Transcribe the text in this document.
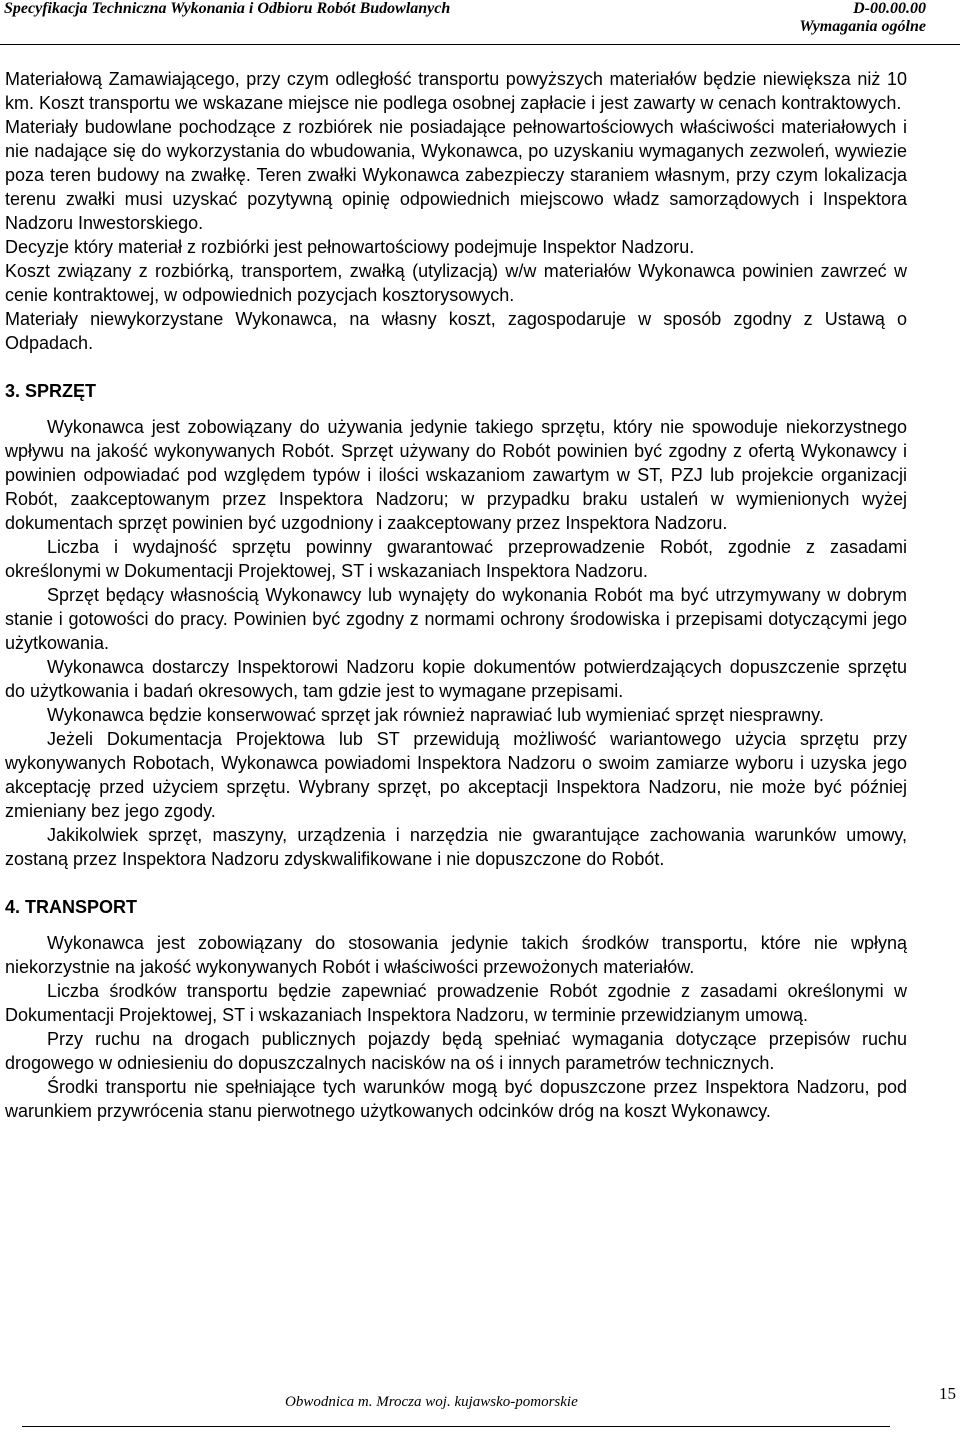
Specyfikacja Techniczna Wykonania i Odbioru Robót Budowlanych	D-00.00.00
Wymagania ogólne

Materiałową Zamawiającego, przy czym odległość transportu powyższych materiałów będzie niewiększa niż 10 km. Koszt transportu we wskazane miejsce nie podlega osobnej zapłacie i jest zawarty w cenach kontraktowych.

Materiały budowlane pochodzące z rozbiórek nie posiadające pełnowartościowych właściwości materiałowych i nie nadające się do wykorzystania do wbudowania, Wykonawca, po uzyskaniu wymaganych zezwoleń, wywiezie poza teren budowy na zwałkę. Teren zwałki Wykonawca zabezpieczy staraniem własnym, przy czym lokalizacja terenu zwałki musi uzyskać pozytywną opinię odpowiednich miejscowo władz samorządowych i Inspektora Nadzoru Inwestorskiego.

Decyzje który materiał z rozbiórki jest pełnowartościowy podejmuje Inspektor Nadzoru.

Koszt związany z rozbiórką, transportem, zwałką (utylizacją) w/w materiałów Wykonawca powinien zawrzeć w cenie kontraktowej, w odpowiednich pozycjach kosztorysowych.

Materiały niewykorzystane Wykonawca, na własny koszt, zagospodaruje w sposób zgodny z Ustawą o Odpadach.

3. SPRZĘT

Wykonawca jest zobowiązany do używania jedynie takiego sprzętu, który nie spowoduje niekorzystnego wpływu na jakość wykonywanych Robót. Sprzęt używany do Robót powinien być zgodny z ofertą Wykonawcy i powinien odpowiadać pod względem typów i ilości wskazaniom zawartym w ST, PZJ lub projekcie organizacji Robót, zaakceptowanym przez Inspektora Nadzoru; w przypadku braku ustaleń w wymienionych wyżej dokumentach sprzęt powinien być uzgodniony i zaakceptowany przez Inspektora Nadzoru.

Liczba i wydajność sprzętu powinny gwarantować przeprowadzenie Robót, zgodnie z zasadami określonymi w Dokumentacji Projektowej, ST i wskazaniach Inspektora Nadzoru.

Sprzęt będący własnością Wykonawcy lub wynajęty do wykonania Robót ma być utrzymywany w dobrym stanie i gotowości do pracy. Powinien być zgodny z normami ochrony środowiska i przepisami dotyczącymi jego użytkowania.

Wykonawca dostarczy Inspektorowi Nadzoru kopie dokumentów potwierdzających dopuszczenie sprzętu do użytkowania i badań okresowych, tam gdzie jest to wymagane przepisami.

Wykonawca będzie konserwować sprzęt jak również naprawiać lub wymieniać sprzęt niesprawny.

Jeżeli Dokumentacja Projektowa lub ST przewidują możliwość wariantowego użycia sprzętu przy wykonywanych Robotach, Wykonawca powiadomi Inspektora Nadzoru o swoim zamiarze wyboru i uzyska jego akceptację przed użyciem sprzętu. Wybrany sprzęt, po akceptacji Inspektora Nadzoru, nie może być później zmieniany bez jego zgody.

Jakikolwiek sprzęt, maszyny, urządzenia i narzędzia nie gwarantujące zachowania warunków umowy, zostaną przez Inspektora Nadzoru zdyskwalifikowane i nie dopuszczone do Robót.

4. TRANSPORT

Wykonawca jest zobowiązany do stosowania jedynie takich środków transportu, które nie wpłyną niekorzystnie na jakość wykonywanych Robót i właściwości przewożonych materiałów.

Liczba środków transportu będzie zapewniać prowadzenie Robót zgodnie z zasadami określonymi w Dokumentacji Projektowej, ST i wskazaniach Inspektora Nadzoru, w terminie przewidzianym umową.

Przy ruchu na drogach publicznych pojazdy będą spełniać wymagania dotyczące przepisów ruchu drogowego w odniesieniu do dopuszczalnych nacisków na oś i innych parametrów technicznych.

Środki transportu nie spełniające tych warunków mogą być dopuszczone przez Inspektora Nadzoru, pod warunkiem przywrócenia stanu pierwotnego użytkowanych odcinków dróg na koszt Wykonawcy.

Obwodnica m. Mrocza woj. kujawsko-pomorskie	15
